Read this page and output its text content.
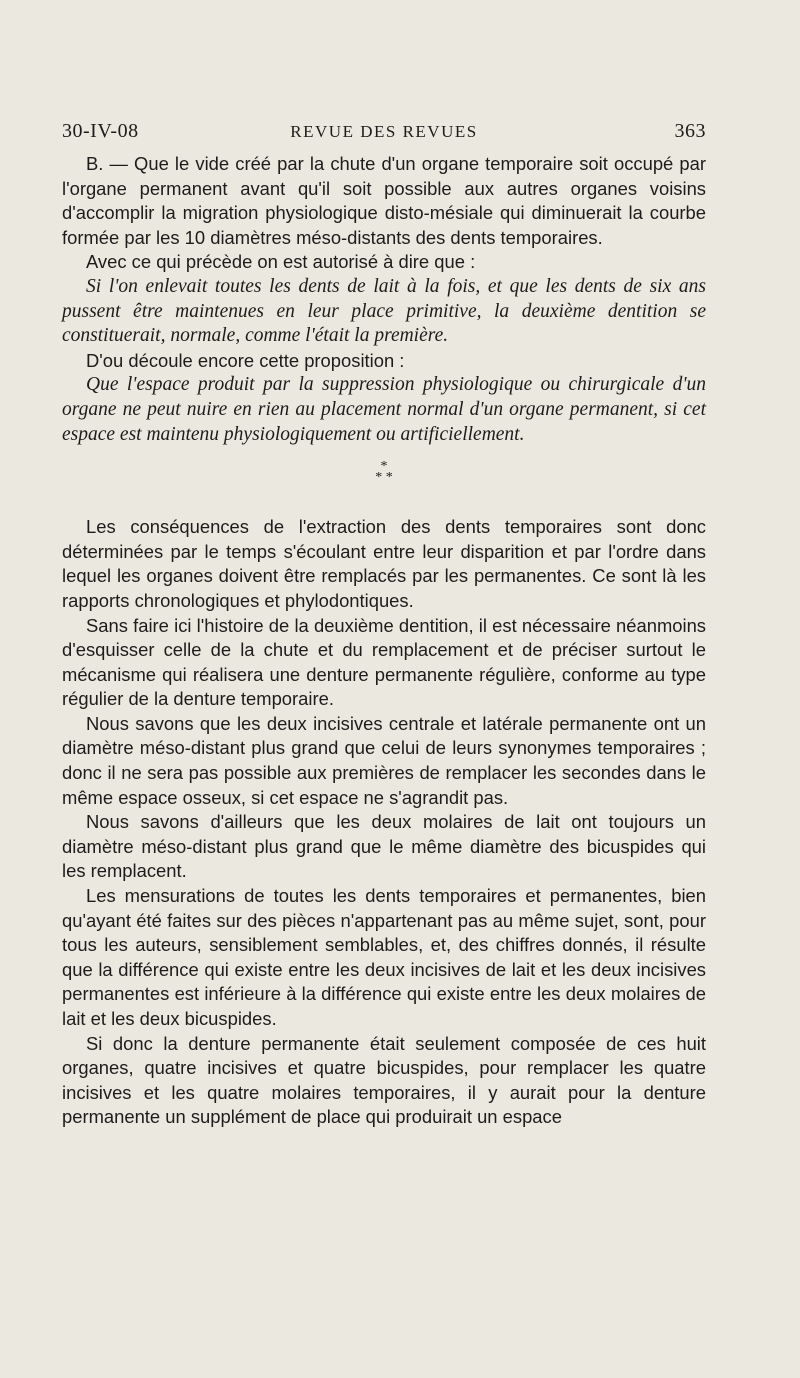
30-IV-08	REVUE DES REVUES	363

B. — Que le vide créé par la chute d'un organe temporaire soit occupé par l'organe permanent avant qu'il soit possible aux autres organes voisins d'accomplir la migration physiologique disto-mésiale qui diminuerait la courbe formée par les 10 diamètres méso-distants des dents temporaires.

Avec ce qui précède on est autorisé à dire que :

Si l'on enlevait toutes les dents de lait à la fois, et que les dents de six ans pussent être maintenues en leur place primitive, la deuxième dentition se constituerait, normale, comme l'était la première.

D'ou découle encore cette proposition :

Que l'espace produit par la suppression physiologique ou chirurgicale d'un organe ne peut nuire en rien au placement normal d'un organe permanent, si cet espace est maintenu physiologiquement ou artificiellement.

*
* *

Les conséquences de l'extraction des dents temporaires sont donc déterminées par le temps s'écoulant entre leur disparition et par l'ordre dans lequel les organes doivent être remplacés par les permanentes. Ce sont là les rapports chronologiques et phylodontiques.

Sans faire ici l'histoire de la deuxième dentition, il est nécessaire néanmoins d'esquisser celle de la chute et du remplacement et de préciser surtout le mécanisme qui réalisera une denture permanente régulière, conforme au type régulier de la denture temporaire.

Nous savons que les deux incisives centrale et latérale permanente ont un diamètre méso-distant plus grand que celui de leurs synonymes temporaires ; donc il ne sera pas possible aux premières de remplacer les secondes dans le même espace osseux, si cet espace ne s'agrandit pas.

Nous savons d'ailleurs que les deux molaires de lait ont toujours un diamètre méso-distant plus grand que le même diamètre des bicuspides qui les remplacent.

Les mensurations de toutes les dents temporaires et permanentes, bien qu'ayant été faites sur des pièces n'appartenant pas au même sujet, sont, pour tous les auteurs, sensiblement semblables, et, des chiffres donnés, il résulte que la différence qui existe entre les deux incisives de lait et les deux incisives permanentes est inférieure à la différence qui existe entre les deux molaires de lait et les deux bicuspides.

Si donc la denture permanente était seulement composée de ces huit organes, quatre incisives et quatre bicuspides, pour remplacer les quatre incisives et les quatre molaires temporaires, il y aurait pour la denture permanente un supplément de place qui produirait un espace
